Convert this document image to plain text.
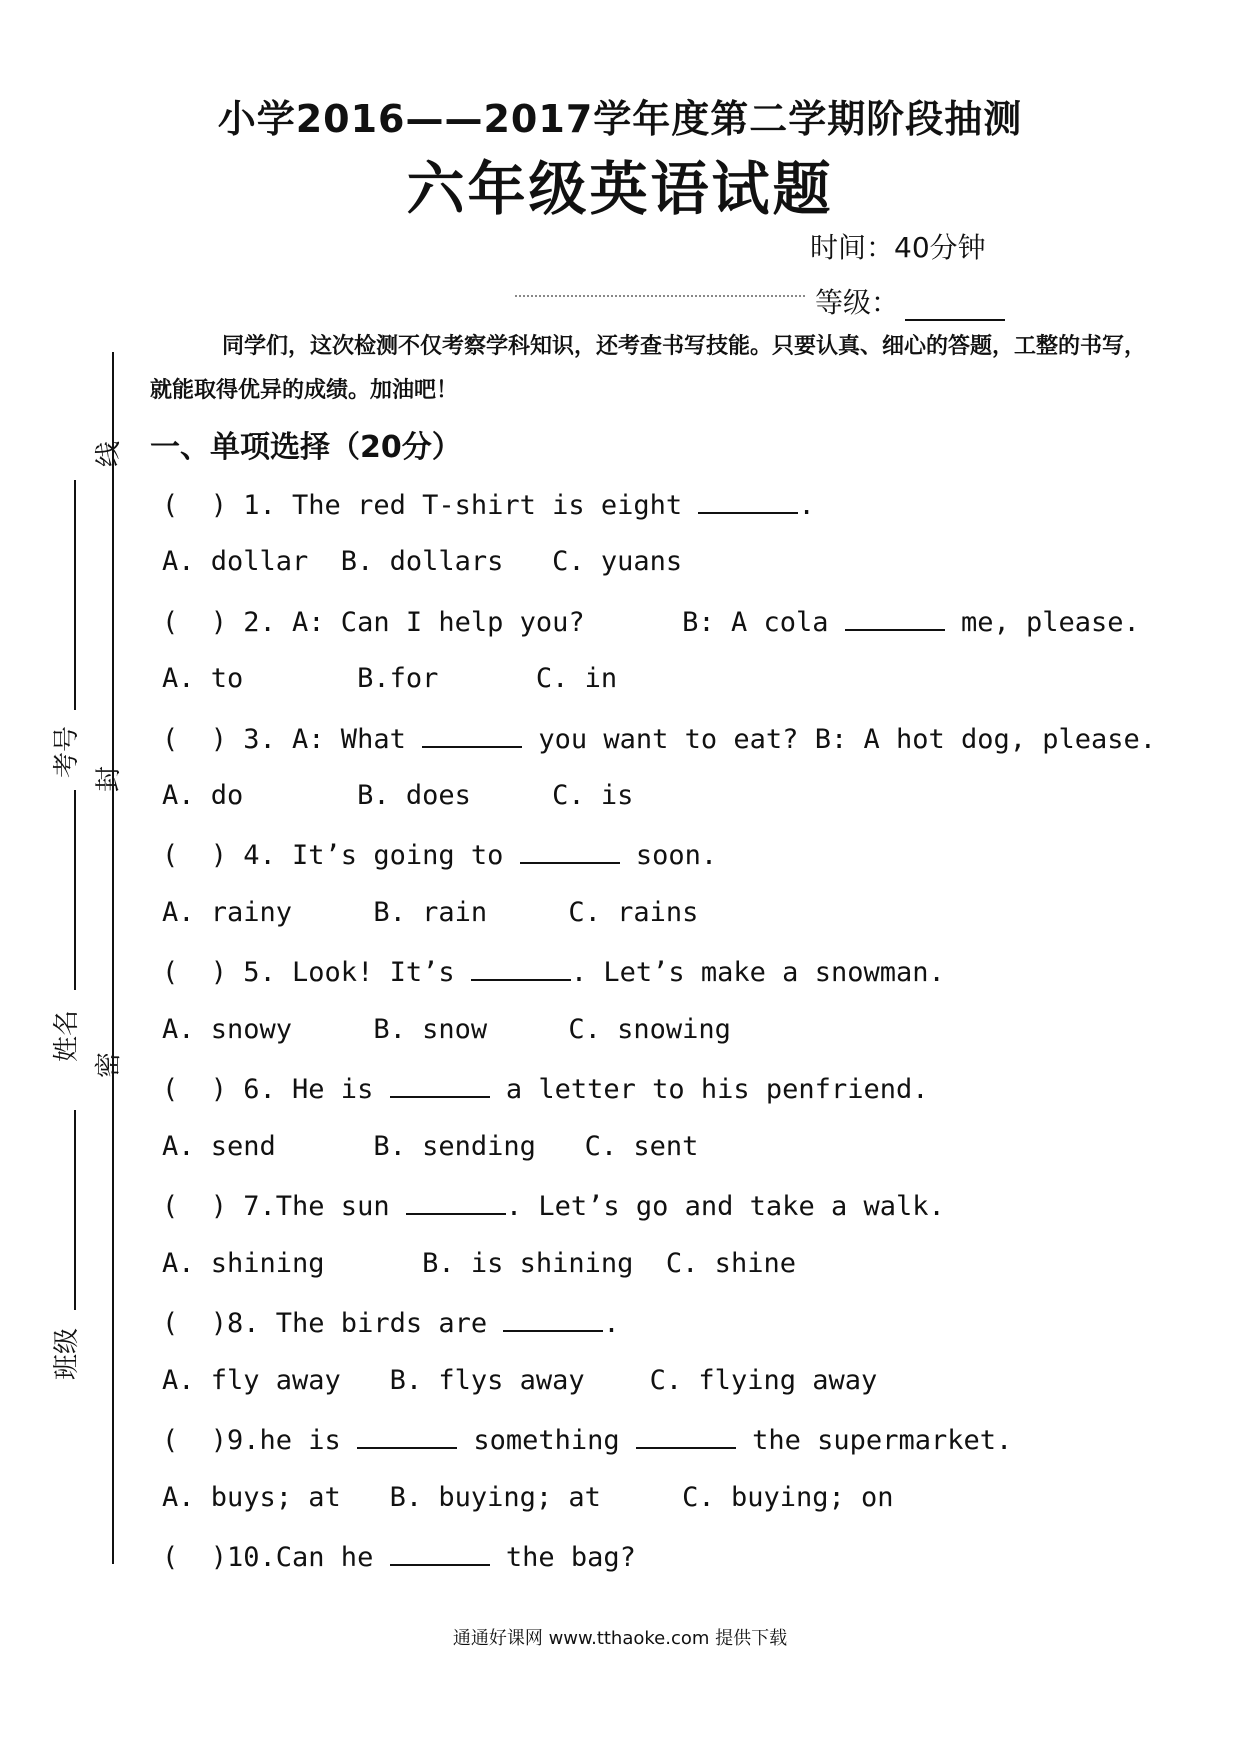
小学2016——2017学年度第二学期阶段抽测
六年级英语试题
时间：40分钟
等级：
同学们，这次检测不仅考察学科知识，还考查书写技能。只要认真、细心的答题，工整的书写，就能取得优异的成绩。加油吧！
一、单项选择（20分）
线
封
密
考号
姓名
班级
(  ) 1. The red T-shirt is eight	.
A. dollar  B. dollars   C. yuans
(  ) 2. A: Can I help you?      B: A cola	me, please.
A. to       B.for      C. in
(  ) 3. A: What	you want to eat? B: A hot dog, please.
A. do       B. does     C. is
(  ) 4. It’s going to	soon.
A. rainy     B. rain     C. rains
(  ) 5. Look! It’s	. Let’s make a snowman.
A. snowy     B. snow     C. snowing
(  ) 6. He is	a letter to his penfriend.
A. send      B. sending   C. sent
(  ) 7.The sun	. Let’s go and take a walk.
A. shining      B. is shining  C. shine
(  )8. The birds are	.
A. fly away   B. flys away    C. flying away
(  )9.he is	something	the supermarket.
A. buys; at   B. buying; at     C. buying; on
(  )10.Can he	the bag?
通通好课网 www.tthaoke.com 提供下载
